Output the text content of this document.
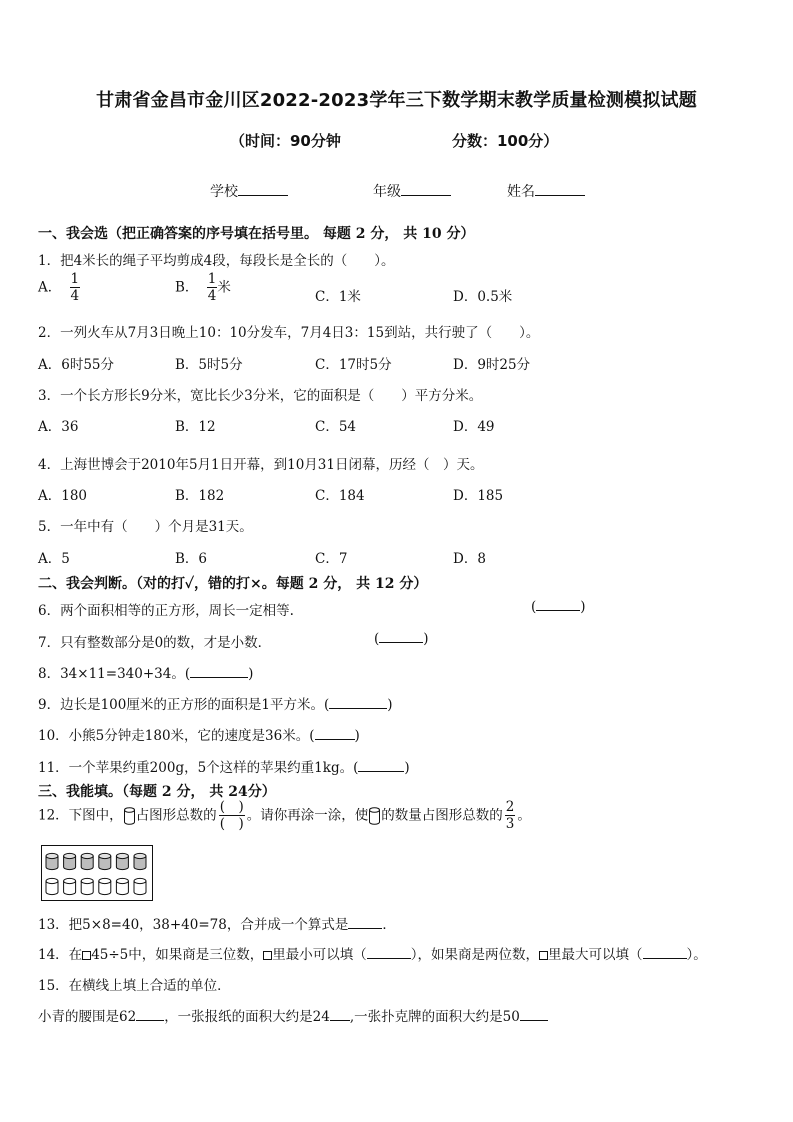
甘肃省金昌市金川区2022-2023学年三下数学期末教学质量检测模拟试题
（时间：90分钟	分数：100分）
学校	年级	姓名
一、我会选（把正确答案的序号填在括号里。 每题 2 分， 共 10 分）
1．把4米长的绳子平均剪成4段，每段长是全长的（　　）。
A． $\frac{1}{4}$	B． $\frac{1}{4}$ 米
C．1米	D．0.5米
2．一列火车从7月3日晚上10：10分发车，7月4日3：15到站，共行驶了（　　）。
A．6时55分	B．5时5分	C．17时5分	D．9时25分
3．一个长方形长9分米，宽比长少3分米，它的面积是（　　）平方分米。
A．36	B．12	C．54	D．49
4．上海世博会于2010年5月1日开幕，到10月31日闭幕，历经（　）天。
A．180	B．182	C．184	D．185
5．一年中有（　　）个月是31天。
A．5	B．6	C．7	D．8
二、我会判断。（对的打✓，错的打×。每题 2 分， 共 12 分）
6．两个面积相等的正方形，周长一定相等.	(	)
7．只有整数部分是0的数，才是小数．	(	)
8．34×11=340+34。(	)
9．边长是100厘米的正方形的面积是1平方米。(	)
10．小熊5分钟走180米，它的速度是36米。(	)
11．一个苹果约重200g，5个这样的苹果约重1kg。(	)
三、我能填。（每题 2 分， 共 24分）
12．下图中， 占图形总数的 $\frac{( )}{( )}$ 。请你再涂一涂，使 的数量占图形总数的 $\frac{2}{3}$ 。
13．把5×8=40，38+40=78，合并成一个算式是	．
14．在 45÷5中，如果商是三位数， 里最小可以填（	），如果商是两位数， 里最大可以填（	）。
15．在横线上填上合适的单位．
小青的腰围是62 ，一张报纸的面积大约是24 ,一张扑克牌的面积大约是50
